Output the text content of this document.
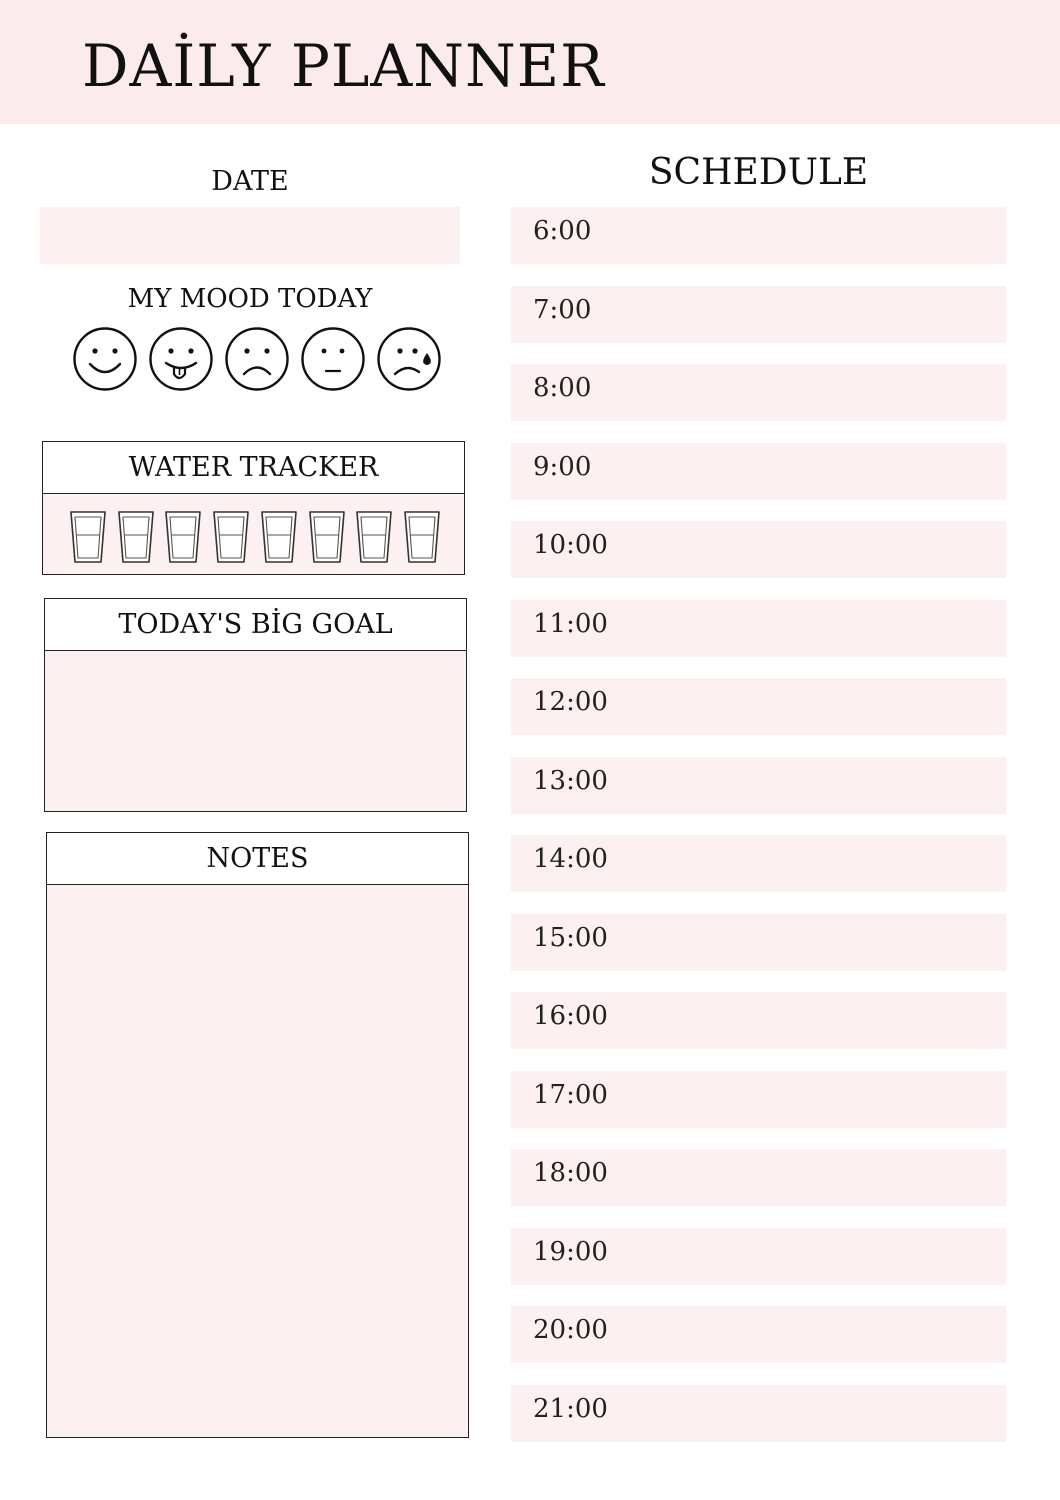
DAİLY PLANNER
DATE
MY MOOD TODAY
WATER TRACKER
TODAY'S BİG GOAL
NOTES
SCHEDULE
6:00
7:00
8:00
9:00
10:00
11:00
12:00
13:00
14:00
15:00
16:00
17:00
18:00
19:00
20:00
21:00
